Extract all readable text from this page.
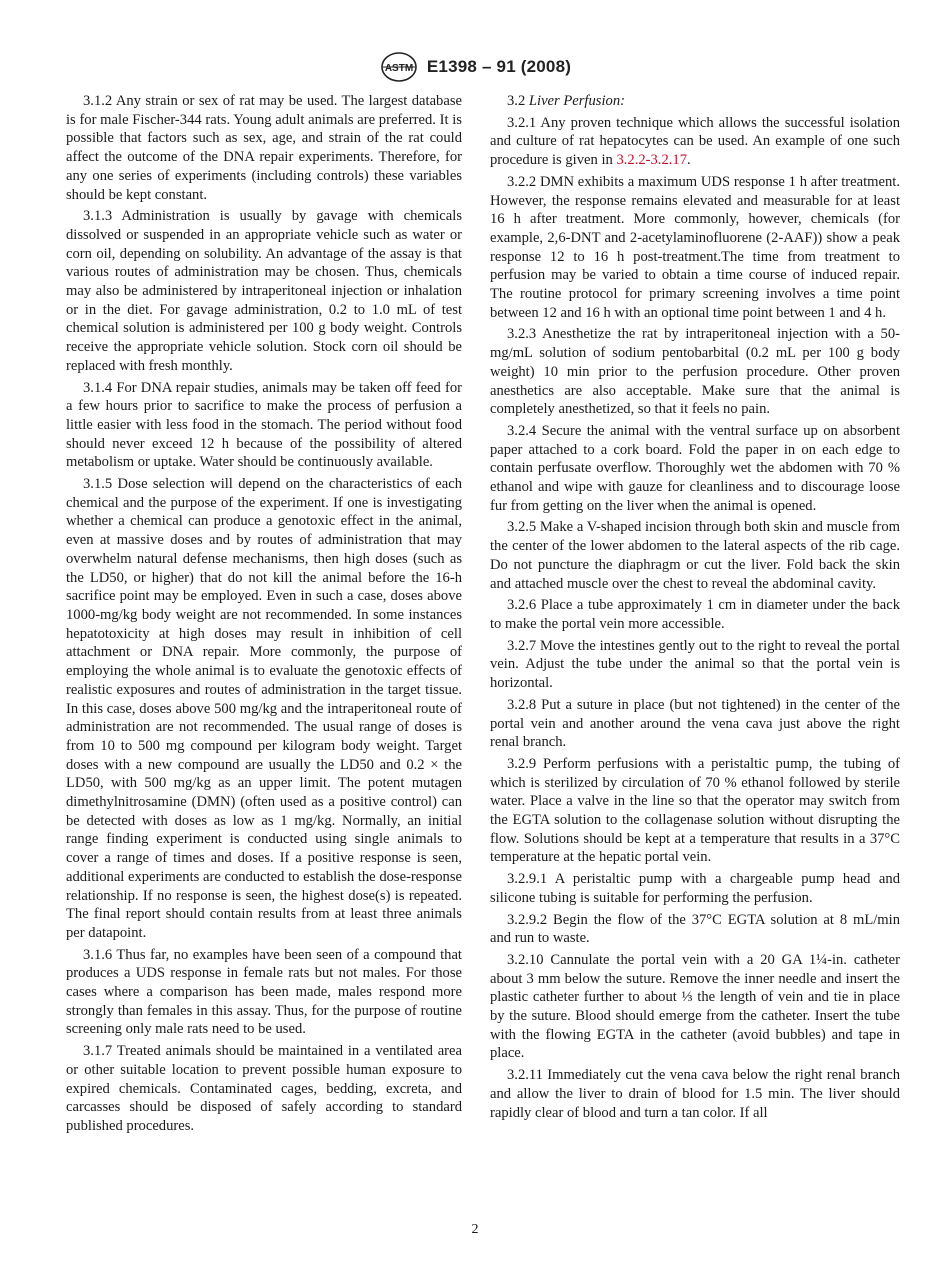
ASTM E1398 – 91 (2008)

3.1.2 Any strain or sex of rat may be used. The largest database is for male Fischer-344 rats. Young adult animals are preferred. It is possible that factors such as sex, age, and strain of the rat could affect the outcome of the DNA repair experiments. Therefore, for any one series of experiments (including controls) these variables should be kept constant.

3.1.3 Administration is usually by gavage with chemicals dissolved or suspended in an appropriate vehicle such as water or corn oil, depending on solubility. An advantage of the assay is that various routes of administration may be chosen. Thus, chemicals may also be administered by intraperitoneal injection or inhalation or in the diet. For gavage administration, 0.2 to 1.0 mL of test chemical solution is administered per 100 g body weight. Controls receive the appropriate vehicle solution. Stock corn oil should be replaced with fresh monthly.

3.1.4 For DNA repair studies, animals may be taken off feed for a few hours prior to sacrifice to make the process of perfusion a little easier with less food in the stomach. The period without food should never exceed 12 h because of the possibility of altered metabolism or uptake. Water should be continuously available.

3.1.5 Dose selection will depend on the characteristics of each chemical and the purpose of the experiment. If one is investigating whether a chemical can produce a genotoxic effect in the animal, even at massive doses and by routes of administration that may overwhelm natural defense mechanisms, then high doses (such as the LD50, or higher) that do not kill the animal before the 16-h sacrifice point may be employed. Even in such a case, doses above 1000-mg/kg body weight are not recommended. In some instances hepatotoxicity at high doses may result in inhibition of cell attachment or DNA repair. More commonly, the purpose of employing the whole animal is to evaluate the genotoxic effects of realistic exposures and routes of administration in the target tissue. In this case, doses above 500 mg/kg and the intraperitoneal route of administration are not recommended. The usual range of doses is from 10 to 500 mg compound per kilogram body weight. Target doses with a new compound are usually the LD50 and 0.2 × the LD50, with 500 mg/kg as an upper limit. The potent mutagen dimethylnitrosamine (DMN) (often used as a positive control) can be detected with doses as low as 1 mg/kg. Normally, an initial range finding experiment is conducted using single animals to cover a range of times and doses. If a positive response is seen, additional experiments are conducted to establish the dose-response relationship. If no response is seen, the highest dose(s) is repeated. The final report should contain results from at least three animals per datapoint.

3.1.6 Thus far, no examples have been seen of a compound that produces a UDS response in female rats but not males. For those cases where a comparison has been made, males respond more strongly than females in this assay. Thus, for the purpose of routine screening only male rats need to be used.

3.1.7 Treated animals should be maintained in a ventilated area or other suitable location to prevent possible human exposure to expired chemicals. Contaminated cages, bedding, excreta, and carcasses should be disposed of safely according to standard published procedures.

3.2 Liver Perfusion:

3.2.1 Any proven technique which allows the successful isolation and culture of rat hepatocytes can be used. An example of one such procedure is given in 3.2.2-3.2.17.

3.2.2 DMN exhibits a maximum UDS response 1 h after treatment. However, the response remains elevated and measurable for at least 16 h after treatment. More commonly, however, chemicals (for example, 2,6-DNT and 2-acetylaminofluorene (2-AAF)) show a peak response 12 to 16 h post-treatment.The time from treatment to perfusion may be varied to obtain a time course of induced repair. The routine protocol for primary screening involves a time point between 12 and 16 h with an optional time point between 1 and 4 h.

3.2.3 Anesthetize the rat by intraperitoneal injection with a 50-mg/mL solution of sodium pentobarbital (0.2 mL per 100 g body weight) 10 min prior to the perfusion procedure. Other proven anesthetics are also acceptable. Make sure that the animal is completely anesthetized, so that it feels no pain.

3.2.4 Secure the animal with the ventral surface up on absorbent paper attached to a cork board. Fold the paper in on each edge to contain perfusate overflow. Thoroughly wet the abdomen with 70 % ethanol and wipe with gauze for cleanliness and to discourage loose fur from getting on the liver when the animal is opened.

3.2.5 Make a V-shaped incision through both skin and muscle from the center of the lower abdomen to the lateral aspects of the rib cage. Do not puncture the diaphragm or cut the liver. Fold back the skin and attached muscle over the chest to reveal the abdominal cavity.

3.2.6 Place a tube approximately 1 cm in diameter under the back to make the portal vein more accessible.

3.2.7 Move the intestines gently out to the right to reveal the portal vein. Adjust the tube under the animal so that the portal vein is horizontal.

3.2.8 Put a suture in place (but not tightened) in the center of the portal vein and another around the vena cava just above the right renal branch.

3.2.9 Perform perfusions with a peristaltic pump, the tubing of which is sterilized by circulation of 70 % ethanol followed by sterile water. Place a valve in the line so that the operator may switch from the EGTA solution to the collagenase solution without disrupting the flow. Solutions should be kept at a temperature that results in a 37°C temperature at the hepatic portal vein.

3.2.9.1 A peristaltic pump with a chargeable pump head and silicone tubing is suitable for performing the perfusion.

3.2.9.2 Begin the flow of the 37°C EGTA solution at 8 mL/min and run to waste.

3.2.10 Cannulate the portal vein with a 20 GA 1¼-in. catheter about 3 mm below the suture. Remove the inner needle and insert the plastic catheter further to about ⅓ the length of vein and tie in place by the suture. Blood should emerge from the catheter. Insert the tube with the flowing EGTA in the catheter (avoid bubbles) and tape in place.

3.2.11 Immediately cut the vena cava below the right renal branch and allow the liver to drain of blood for 1.5 min. The liver should rapidly clear of blood and turn a tan color. If all

2
